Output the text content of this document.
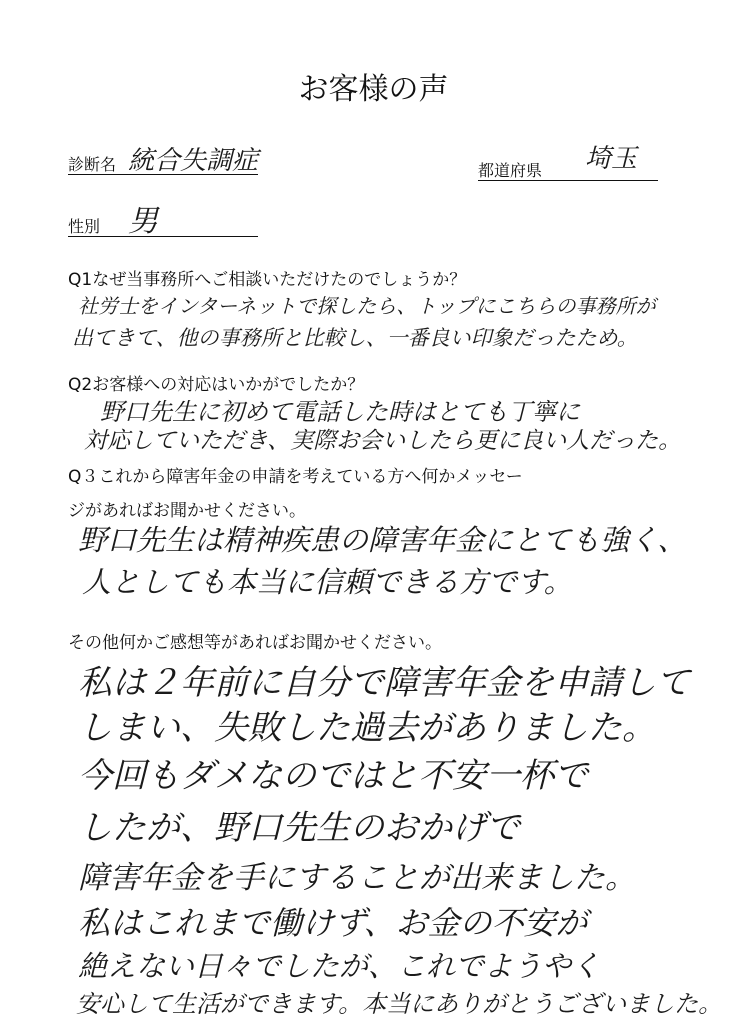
お客様の声
診断名 統合失調症	都道府県 埼玉
性別 男
Q1なぜ当事務所へご相談いただけたのでしょうか？
社労士をインターネットで探したら、トップにこちらの事務所が
出てきて、他の事務所と比較し、一番良い印象だったため。
Q2お客様への対応はいかがでしたか？
野口先生に初めて電話した時はとても丁寧に
対応していただき、実際お会いしたら更に良い人だった。
Q３これから障害年金の申請を考えている方へ何かメッセー
ジがあればお聞かせください。
野口先生は精神疾患の障害年金にとても強く、
人としても本当に信頼できる方です。
その他何かご感想等があればお聞かせください。
私は２年前に自分で障害年金を申請して
しまい、失敗した過去がありました。
今回もダメなのではと不安一杯で
したが、野口先生のおかげで
障害年金を手にすることが出来ました。
私はこれまで働けず、お金の不安が
絶えない日々でしたが、これでようやく
安心して生活ができます。本当にありがとうございました。
